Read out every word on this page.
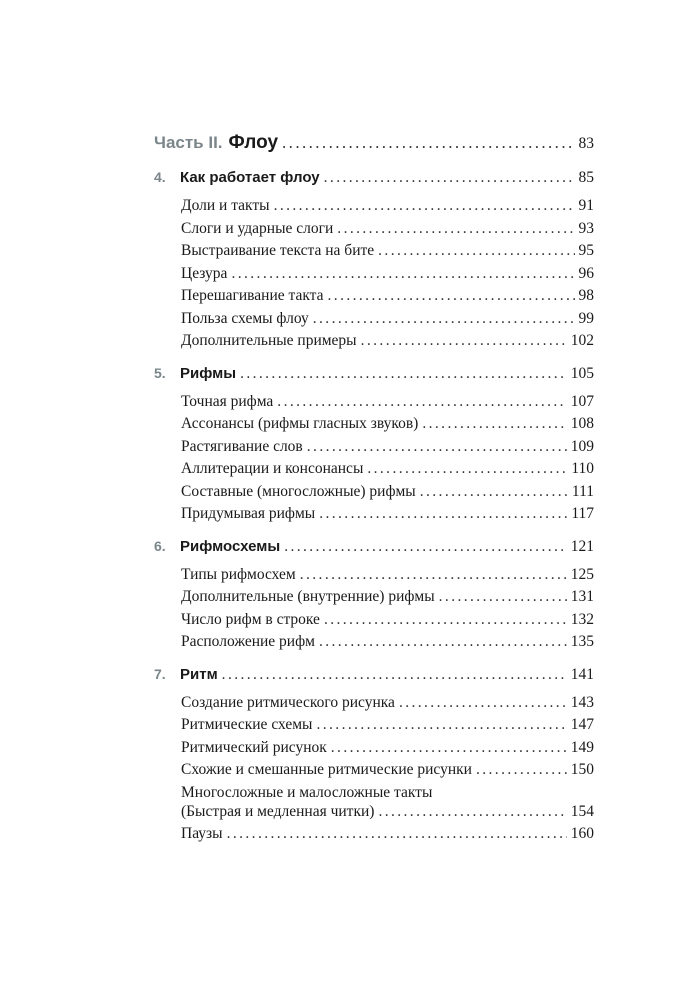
Часть II. Флоу .....	83
4. Как работает флоу .....	85
Доли и такты .....	91
Слоги и ударные слоги .....	93
Выстраивание текста на бите .....	95
Цезура .....	96
Перешагивание такта .....	98
Польза схемы флоу .....	99
Дополнительные примеры .....	102
5. Рифмы .....	105
Точная рифма .....	107
Ассонансы (рифмы гласных звуков) .....	108
Растягивание слов .....	109
Аллитерации и консонансы .....	110
Составные (многосложные) рифмы .....	111
Придумывая рифмы .....	117
6. Рифмосхемы .....	121
Типы рифмосхем .....	125
Дополнительные (внутренние) рифмы .....	131
Число рифм в строке .....	132
Расположение рифм .....	135
7. Ритм .....	141
Создание ритмического рисунка .....	143
Ритмические схемы .....	147
Ритмический рисунок .....	149
Схожие и смешанные ритмические рисунки .....	150
Многосложные и малосложные такты
(Быстрая и медленная читки) .....	154
Паузы .....	160
